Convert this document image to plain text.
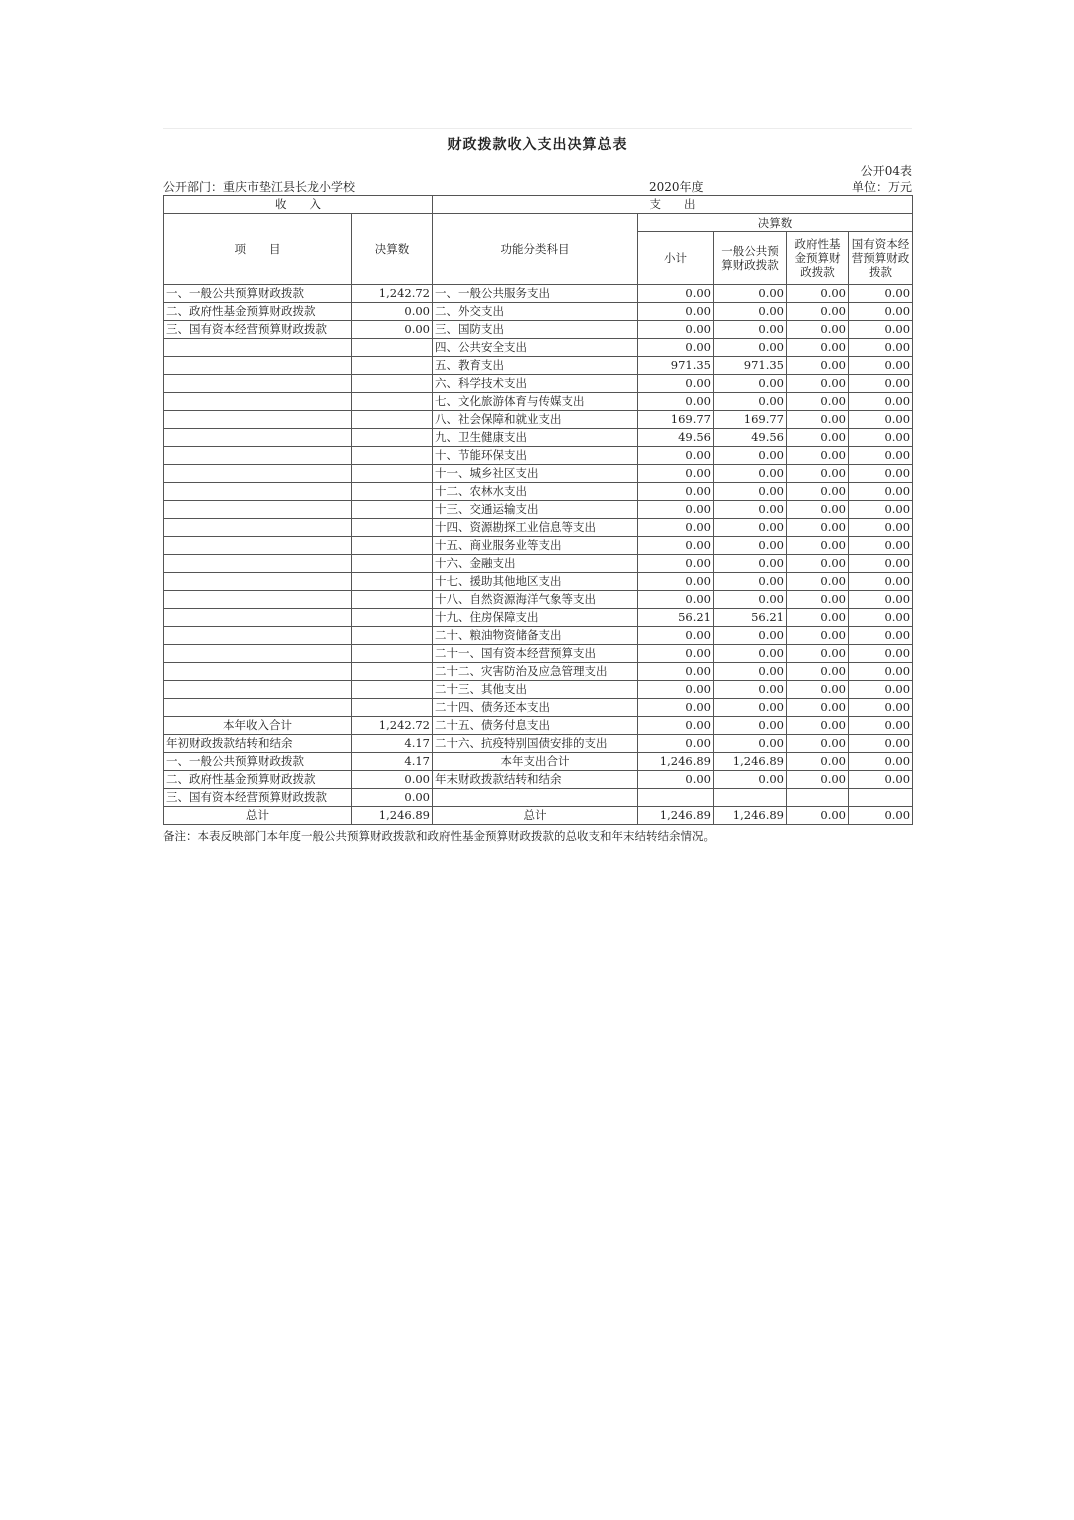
财政拨款收入支出决算总表
公开04表
公开部门：重庆市垫江县长龙小学校	2020年度	单位：万元
收　　入		支　　出				
项　　目	决算数	功能分类科目	决算数			
			小计	一般公共预算财政拨款	政府性基金预算财政拨款	国有资本经营预算财政拨款
一、一般公共预算财政拨款	1,242.72	一、一般公共服务支出	0.00	0.00	0.00	0.00
二、政府性基金预算财政拨款	0.00	二、外交支出	0.00	0.00	0.00	0.00
三、国有资本经营预算财政拨款	0.00	三、国防支出	0.00	0.00	0.00	0.00
		四、公共安全支出	0.00	0.00	0.00	0.00
		五、教育支出	971.35	971.35	0.00	0.00
		六、科学技术支出	0.00	0.00	0.00	0.00
		七、文化旅游体育与传媒支出	0.00	0.00	0.00	0.00
		八、社会保障和就业支出	169.77	169.77	0.00	0.00
		九、卫生健康支出	49.56	49.56	0.00	0.00
		十、节能环保支出	0.00	0.00	0.00	0.00
		十一、城乡社区支出	0.00	0.00	0.00	0.00
		十二、农林水支出	0.00	0.00	0.00	0.00
		十三、交通运输支出	0.00	0.00	0.00	0.00
		十四、资源勘探工业信息等支出	0.00	0.00	0.00	0.00
		十五、商业服务业等支出	0.00	0.00	0.00	0.00
		十六、金融支出	0.00	0.00	0.00	0.00
		十七、援助其他地区支出	0.00	0.00	0.00	0.00
		十八、自然资源海洋气象等支出	0.00	0.00	0.00	0.00
		十九、住房保障支出	56.21	56.21	0.00	0.00
		二十、粮油物资储备支出	0.00	0.00	0.00	0.00
		二十一、国有资本经营预算支出	0.00	0.00	0.00	0.00
		二十二、灾害防治及应急管理支出	0.00	0.00	0.00	0.00
		二十三、其他支出	0.00	0.00	0.00	0.00
		二十四、债务还本支出	0.00	0.00	0.00	0.00
本年收入合计	1,242.72	二十五、债务付息支出	0.00	0.00	0.00	0.00
年初财政拨款结转和结余	4.17	二十六、抗疫特别国债安排的支出	0.00	0.00	0.00	0.00
一、一般公共预算财政拨款	4.17	本年支出合计	1,246.89	1,246.89	0.00	0.00
二、政府性基金预算财政拨款	0.00	年末财政拨款结转和结余	0.00	0.00	0.00	0.00
三、国有资本经营预算财政拨款	0.00					
总计	1,246.89	总计	1,246.89	1,246.89	0.00	0.00
备注：本表反映部门本年度一般公共预算财政拨款和政府性基金预算财政拨款的总收支和年末结转结余情况。
